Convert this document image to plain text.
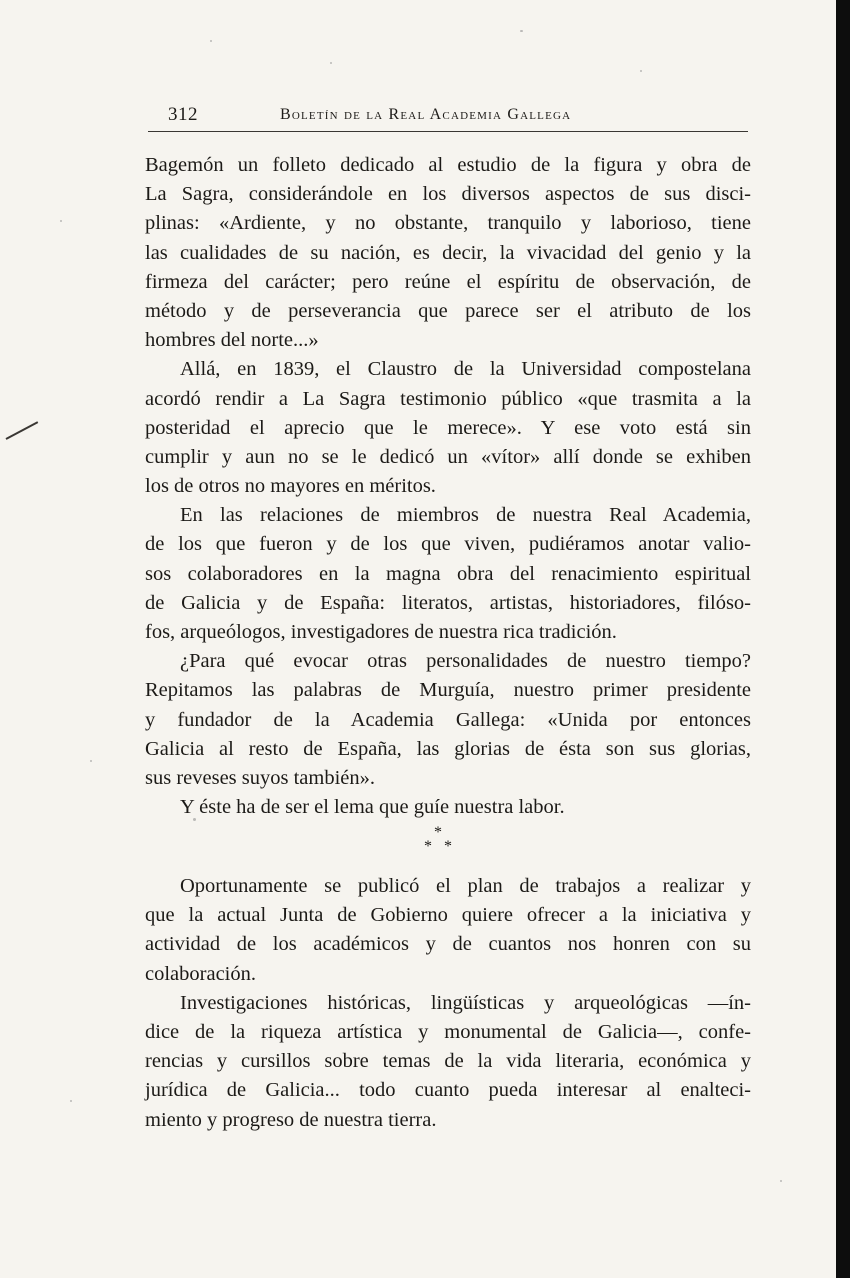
312	Boletín de la Real Academia Gallega
Bagemón un folleto dedicado al estudio de la figura y obra de
La Sagra, considerándole en los diversos aspectos de sus disci-
plinas: «Ardiente, y no obstante, tranquilo y laborioso, tiene
las cualidades de su nación, es decir, la vivacidad del genio y la
firmeza del carácter; pero reúne el espíritu de observación, de
método y de perseverancia que parece ser el atributo de los
hombres del norte...»
Allá, en 1839, el Claustro de la Universidad compostelana
acordó rendir a La Sagra testimonio público «que trasmita a la
posteridad el aprecio que le merece». Y ese voto está sin
cumplir y aun no se le dedicó un «vítor» allí donde se exhiben
los de otros no mayores en méritos.
En las relaciones de miembros de nuestra Real Academia,
de los que fueron y de los que viven, pudiéramos anotar valio-
sos colaboradores en la magna obra del renacimiento espiritual
de Galicia y de España: literatos, artistas, historiadores, filóso-
fos, arqueólogos, investigadores de nuestra rica tradición.
¿Para qué evocar otras personalidades de nuestro tiempo?
Repitamos las palabras de Murguía, nuestro primer presidente
y fundador de la Academia Gallega: «Unida por entonces
Galicia al resto de España, las glorias de ésta son sus glorias,
sus reveses suyos también».
Y éste ha de ser el lema que guíe nuestra labor.
*
* *
Oportunamente se publicó el plan de trabajos a realizar y
que la actual Junta de Gobierno quiere ofrecer a la iniciativa y
actividad de los académicos y de cuantos nos honren con su
colaboración.
Investigaciones históricas, lingüísticas y arqueológicas —ín-
dice de la riqueza artística y monumental de Galicia—, confe-
rencias y cursillos sobre temas de la vida literaria, económica y
jurídica de Galicia... todo cuanto pueda interesar al enalteci-
miento y progreso de nuestra tierra.
